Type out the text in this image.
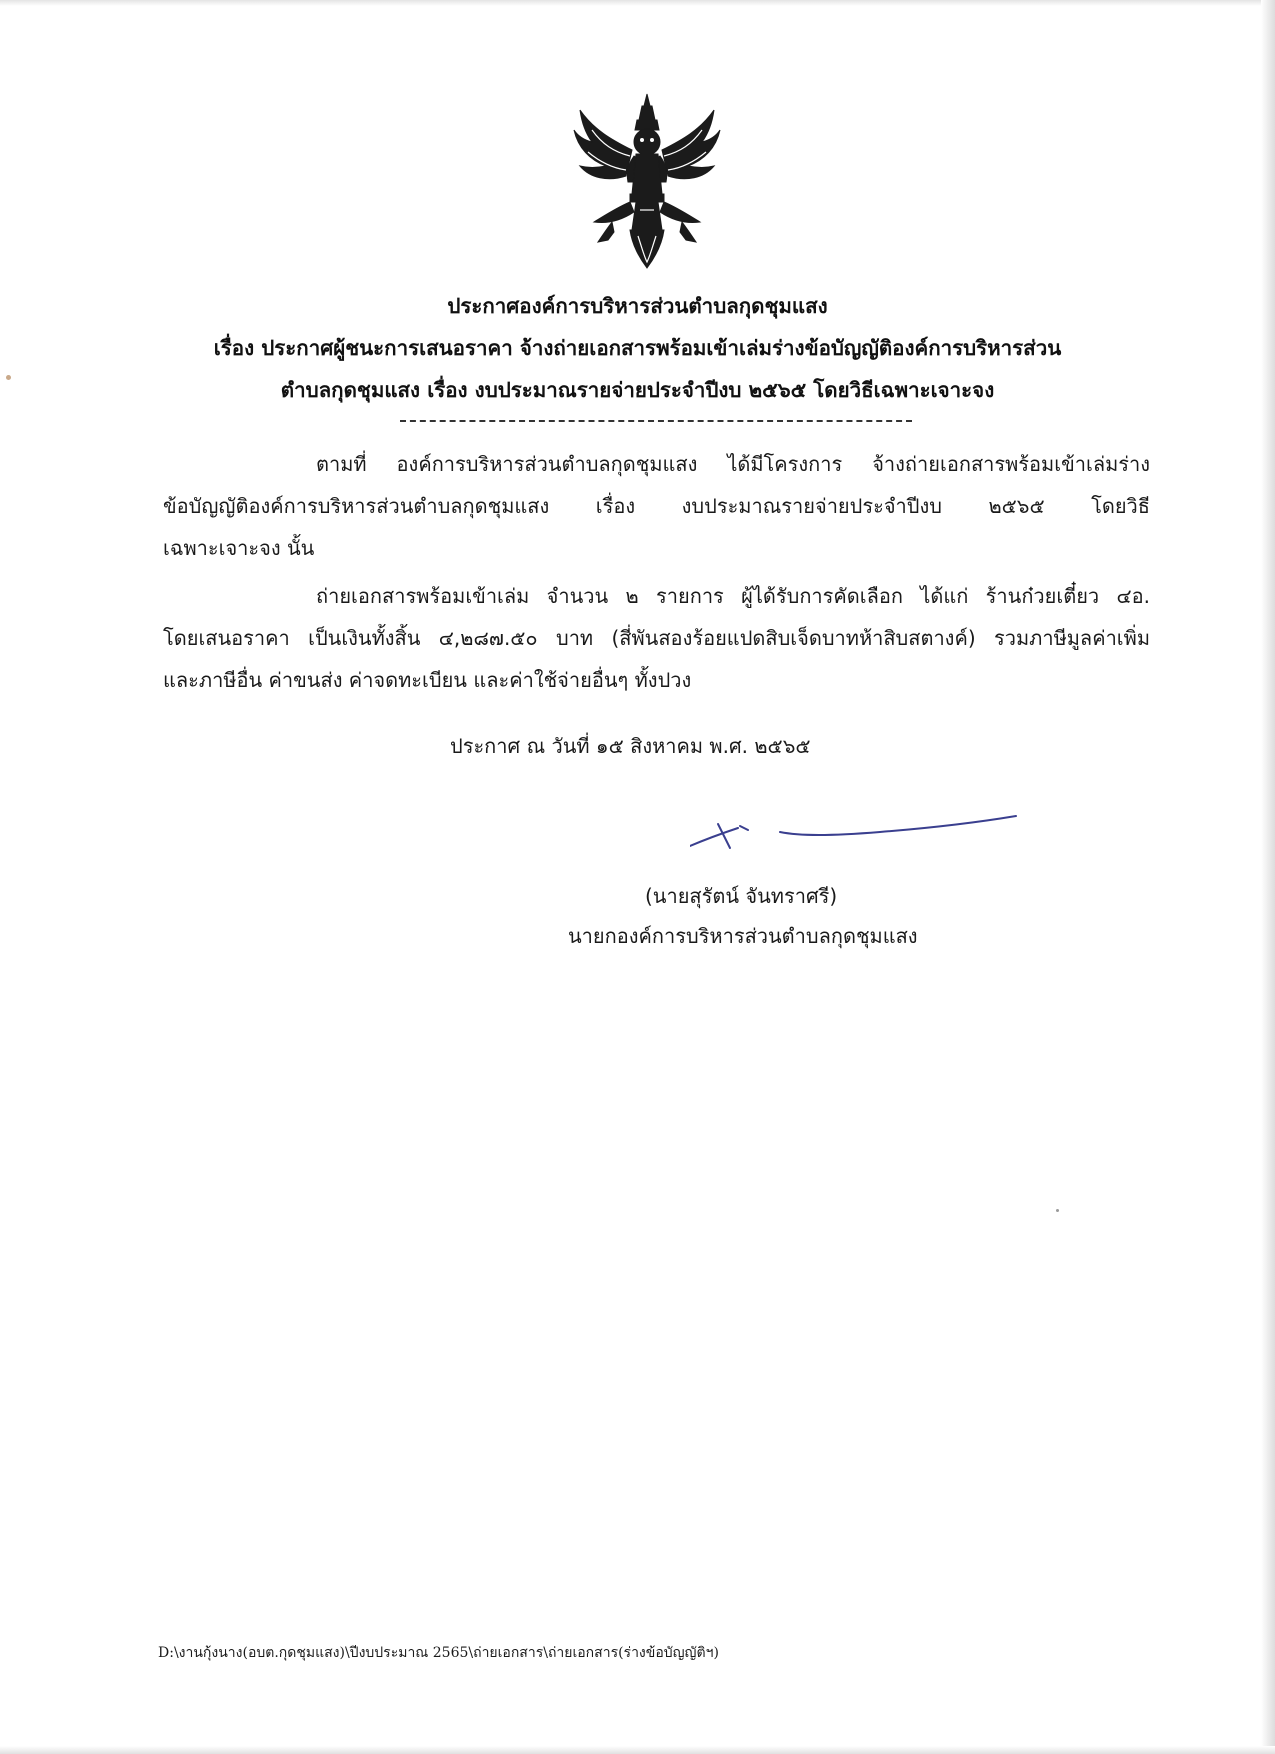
ประกาศองค์การบริหารส่วนตำบลกุดชุมแสง
เรื่อง ประกาศผู้ชนะการเสนอราคา จ้างถ่ายเอกสารพร้อมเข้าเล่มร่างข้อบัญญัติองค์การบริหารส่วน
ตำบลกุดชุมแสง เรื่อง งบประมาณรายจ่ายประจำปีงบ ๒๕๖๕ โดยวิธีเฉพาะเจาะจง
ตามที่ องค์การบริหารส่วนตำบลกุดชุมแสง ได้มีโครงการ จ้างถ่ายเอกสารพร้อมเข้าเล่มร่าง
ข้อบัญญัติองค์การบริหารส่วนตำบลกุดชุมแสง เรื่อง งบประมาณรายจ่ายประจำปีงบ ๒๕๖๕ โดยวิธี
เฉพาะเจาะจง นั้น
ถ่ายเอกสารพร้อมเข้าเล่ม จำนวน ๒ รายการ ผู้ได้รับการคัดเลือก ได้แก่ ร้านก๋วยเตี๋ยว ๔อ.
โดยเสนอราคา เป็นเงินทั้งสิ้น ๔,๒๘๗.๕๐ บาท (สี่พันสองร้อยแปดสิบเจ็ดบาทห้าสิบสตางค์) รวมภาษีมูลค่าเพิ่ม
และภาษีอื่น ค่าขนส่ง ค่าจดทะเบียน และค่าใช้จ่ายอื่นๆ ทั้งปวง
ประกาศ ณ วันที่ ๑๕ สิงหาคม พ.ศ. ๒๕๖๕
(นายสุรัตน์ จันทราศรี)
นายกองค์การบริหารส่วนตำบลกุดชุมแสง
D:\งานกุ้งนาง(อบต.กุดชุมแสง)\ปีงบประมาณ 2565\ถ่ายเอกสาร\ถ่ายเอกสาร(ร่างข้อบัญญัติฯ)
